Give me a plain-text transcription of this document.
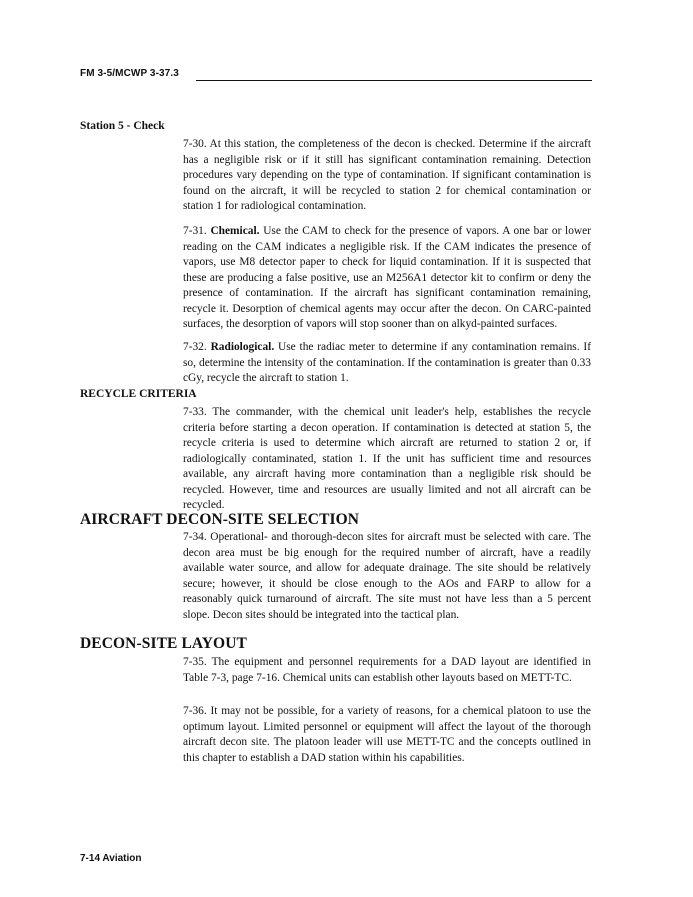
FM 3-5/MCWP 3-37.3
Station 5 - Check

7-30. At this station, the completeness of the decon is checked. Determine if the aircraft has a negligible risk or if it still has significant contamination remaining. Detection procedures vary depending on the type of contamination. If significant contamination is found on the aircraft, it will be recycled to station 2 for chemical contamination or station 1 for radiological contamination.

7-31. Chemical. Use the CAM to check for the presence of vapors. A one bar or lower reading on the CAM indicates a negligible risk. If the CAM indicates the presence of vapors, use M8 detector paper to check for liquid contamination. If it is suspected that these are producing a false positive, use an M256A1 detector kit to confirm or deny the presence of contamination. If the aircraft has significant contamination remaining, recycle it. Desorption of chemical agents may occur after the decon. On CARC-painted surfaces, the desorption of vapors will stop sooner than on alkyd-painted surfaces.

7-32. Radiological. Use the radiac meter to determine if any contamination remains. If so, determine the intensity of the contamination. If the contamination is greater than 0.33 cGy, recycle the aircraft to station 1.

RECYCLE CRITERIA

7-33. The commander, with the chemical unit leader's help, establishes the recycle criteria before starting a decon operation. If contamination is detected at station 5, the recycle criteria is used to determine which aircraft are returned to station 2 or, if radiologically contaminated, station 1. If the unit has sufficient time and resources available, any aircraft having more contamination than a negligible risk should be recycled. However, time and resources are usually limited and not all aircraft can be recycled.

AIRCRAFT DECON-SITE SELECTION

7-34. Operational- and thorough-decon sites for aircraft must be selected with care. The decon area must be big enough for the required number of aircraft, have a readily available water source, and allow for adequate drainage. The site should be relatively secure; however, it should be close enough to the AOs and FARP to allow for a reasonably quick turnaround of aircraft. The site must not have less than a 5 percent slope. Decon sites should be integrated into the tactical plan.

DECON-SITE LAYOUT

7-35. The equipment and personnel requirements for a DAD layout are identified in Table 7-3, page 7-16. Chemical units can establish other layouts based on METT-TC.

7-36. It may not be possible, for a variety of reasons, for a chemical platoon to use the optimum layout. Limited personnel or equipment will affect the layout of the thorough aircraft decon site. The platoon leader will use METT-TC and the concepts outlined in this chapter to establish a DAD station within his capabilities.

7-14 Aviation
